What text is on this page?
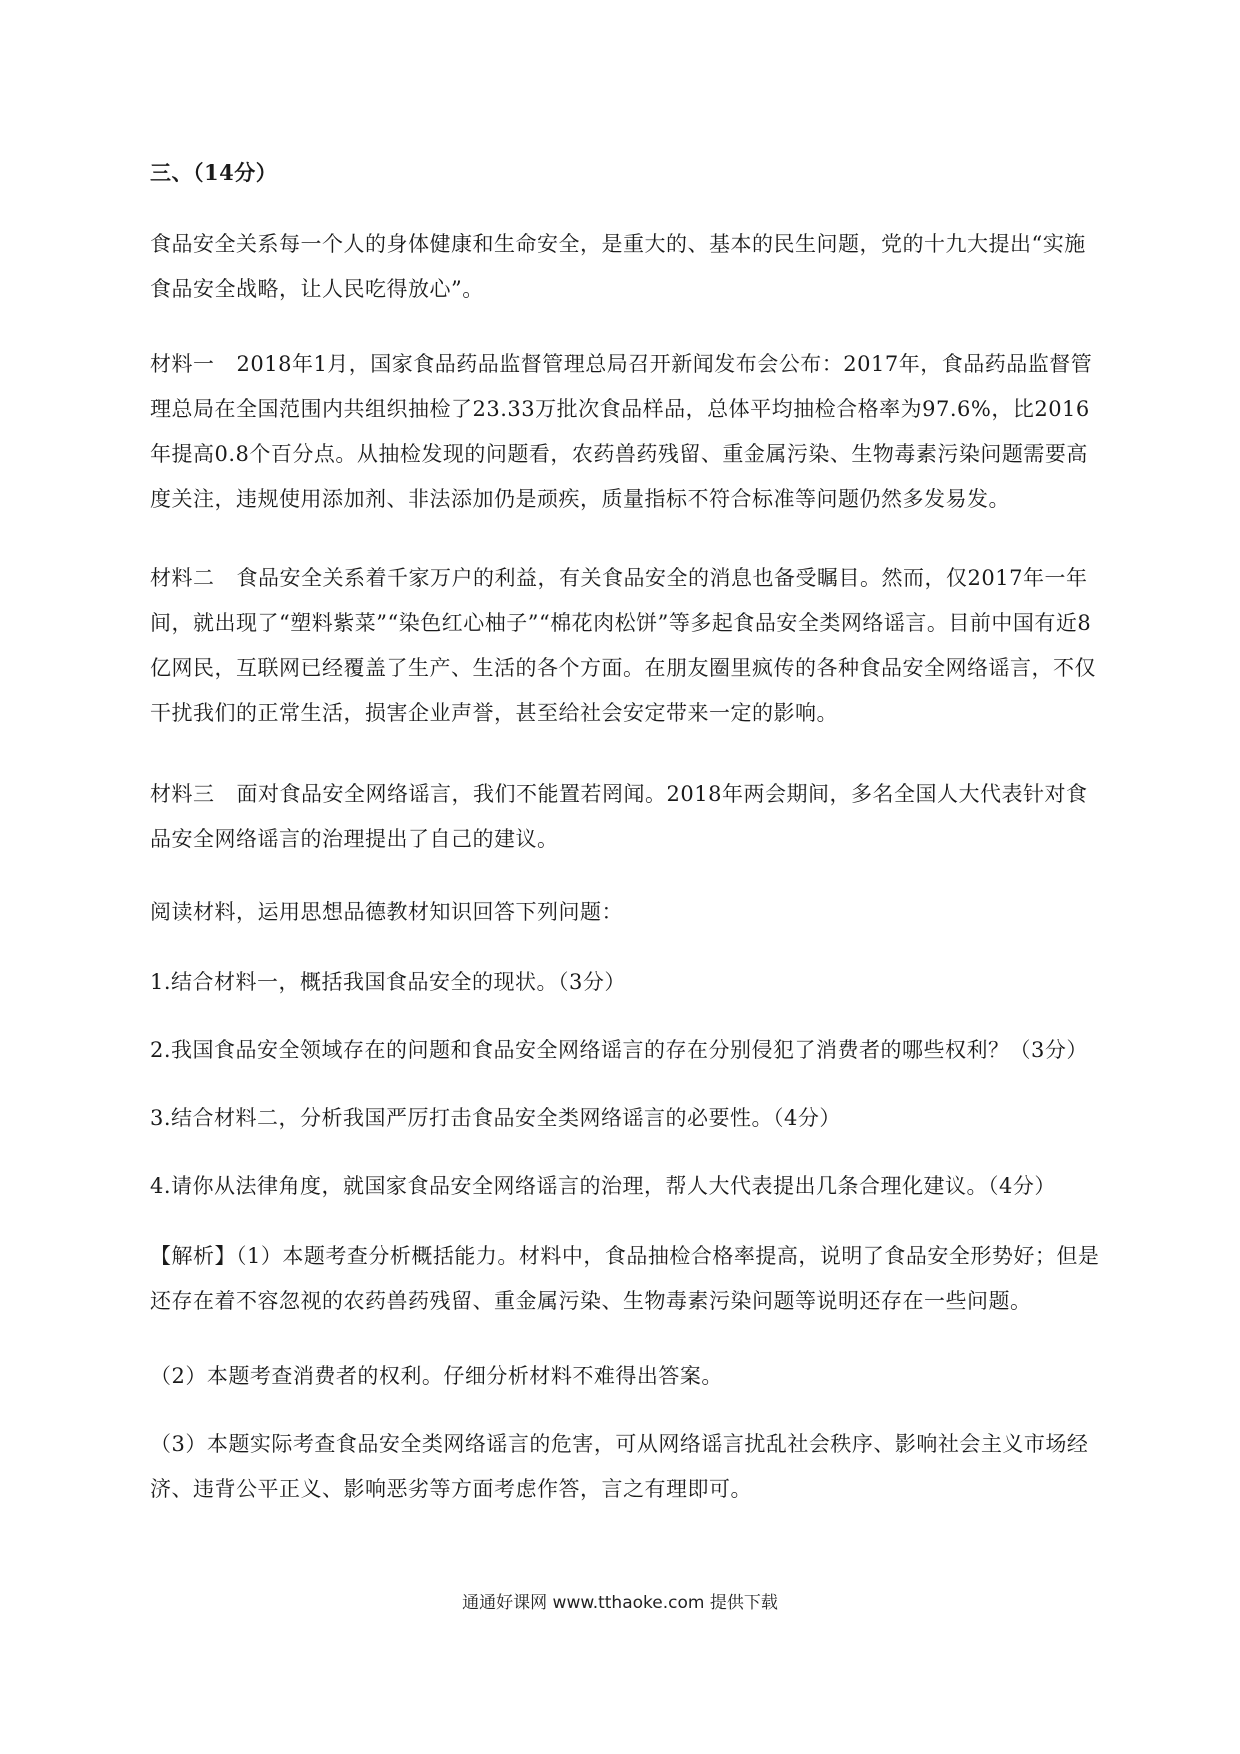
三、（14分）
食品安全关系每一个人的身体健康和生命安全，是重大的、基本的民生问题，党的十九大提出“实施食品安全战略，让人民吃得放心”。
材料一 2018年1月，国家食品药品监督管理总局召开新闻发布会公布：2017年，食品药品监督管理总局在全国范围内共组织抽检了23.33万批次食品样品，总体平均抽检合格率为97.6%，比2016年提高0.8个百分点。从抽检发现的问题看，农药兽药残留、重金属污染、生物毒素污染问题需要高度关注，违规使用添加剂、非法添加仍是顽疾，质量指标不符合标准等问题仍然多发易发。
材料二 食品安全关系着千家万户的利益，有关食品安全的消息也备受瞩目。然而，仅2017年一年间，就出现了“塑料紫菜”“染色红心柚子”“棉花肉松饼”等多起食品安全类网络谣言。目前中国有近8亿网民，互联网已经覆盖了生产、生活的各个方面。在朋友圈里疯传的各种食品安全网络谣言，不仅干扰我们的正常生活，损害企业声誉，甚至给社会安定带来一定的影响。
材料三 面对食品安全网络谣言，我们不能置若罔闻。2018年两会期间，多名全国人大代表针对食品安全网络谣言的治理提出了自己的建议。
阅读材料，运用思想品德教材知识回答下列问题：
1.结合材料一，概括我国食品安全的现状。（3分）
2.我国食品安全领域存在的问题和食品安全网络谣言的存在分别侵犯了消费者的哪些权利？（3分）
3.结合材料二，分析我国严厉打击食品安全类网络谣言的必要性。（4分）
4.请你从法律角度，就国家食品安全网络谣言的治理，帮人大代表提出几条合理化建议。（4分）
【解析】（1）本题考查分析概括能力。材料中，食品抽检合格率提高，说明了食品安全形势好；但是还存在着不容忽视的农药兽药残留、重金属污染、生物毒素污染问题等说明还存在一些问题。
（2）本题考查消费者的权利。仔细分析材料不难得出答案。
（3）本题实际考查食品安全类网络谣言的危害，可从网络谣言扰乱社会秩序、影响社会主义市场经济、违背公平正义、影响恶劣等方面考虑作答，言之有理即可。
通通好课网 www.tthaoke.com 提供下载
